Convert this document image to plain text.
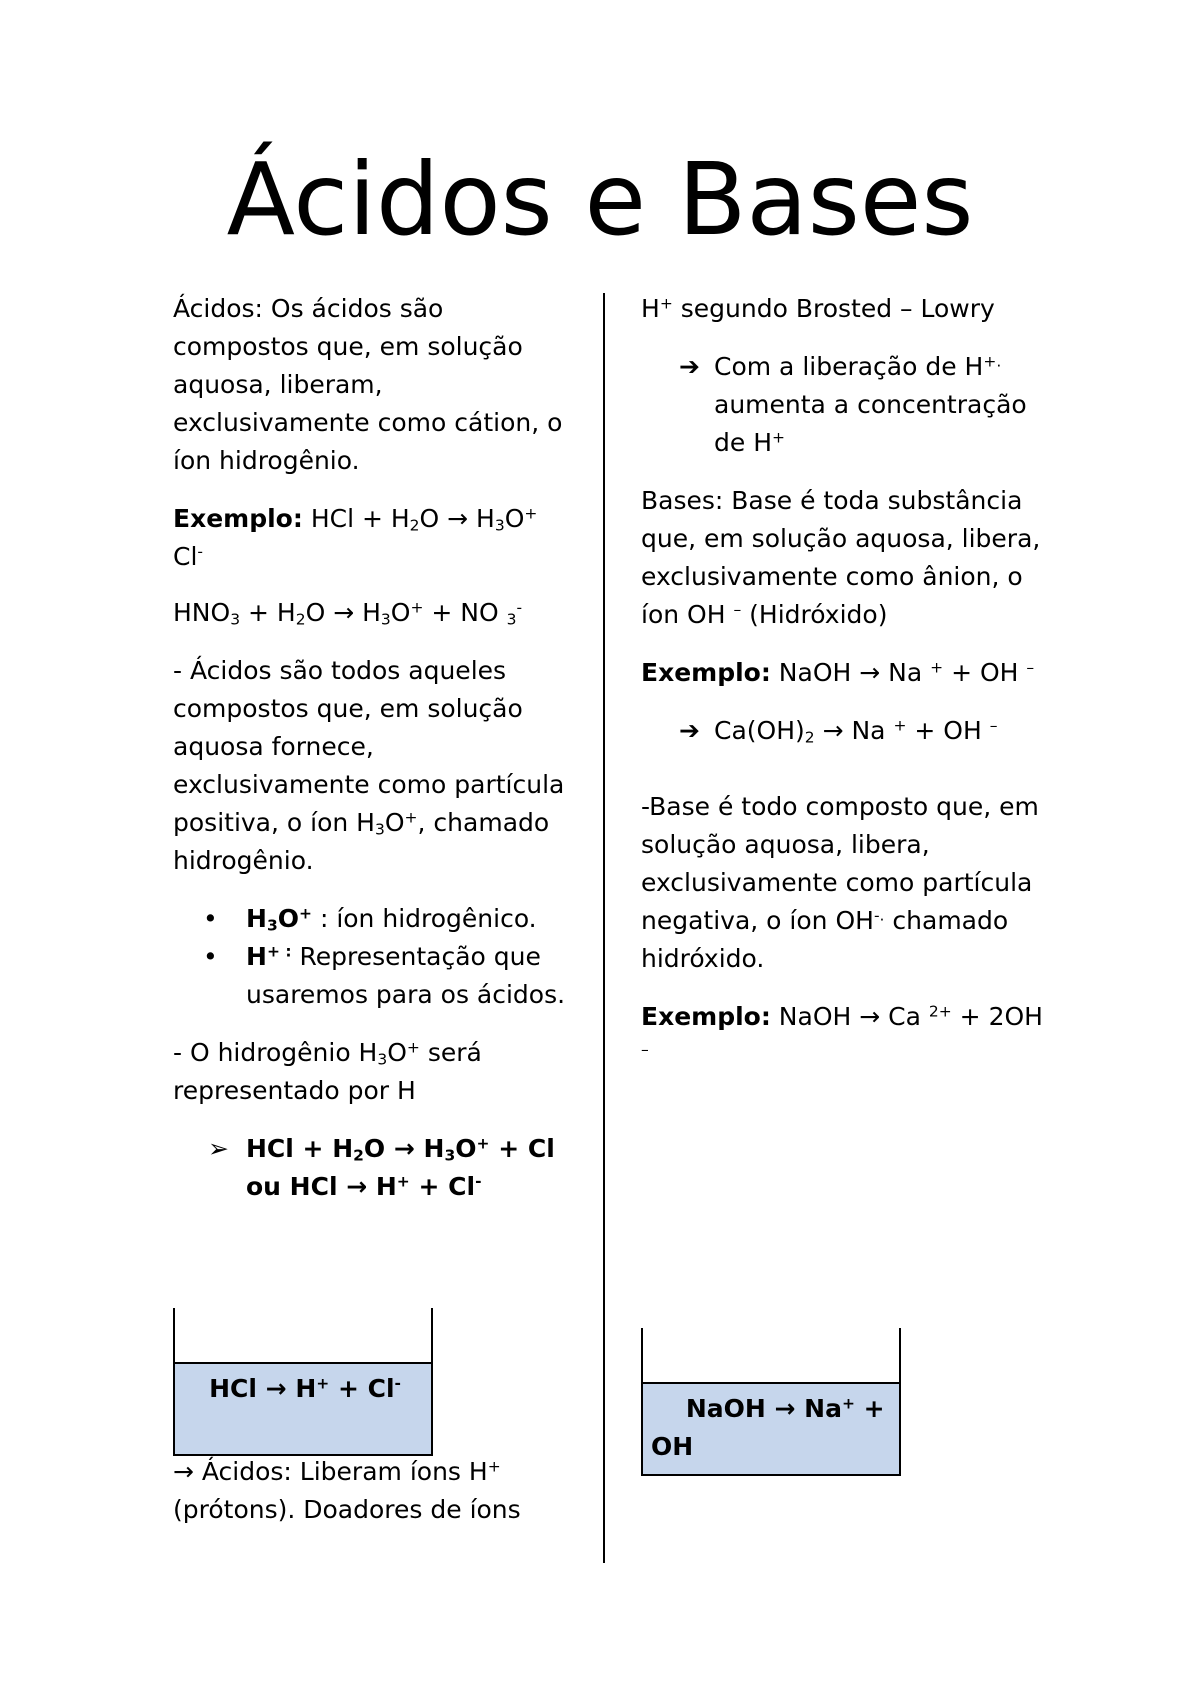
Ácidos e Bases

Ácidos: Os ácidos são compostos que, em solução aquosa, liberam, exclusivamente como cátion, o íon hidrogênio.

Exemplo: HCl + $H_2O \to H_3O^+$ Cl-

$HNO_3 + H_2O \to H_3O^+$ + NO $_3$-

- Ácidos são todos aqueles compostos que, em solução aquosa fornece, exclusivamente como partícula positiva, o íon $H_3O^+$, chamado hidrogênio.

• $H_3O^+$ : íon hidrogênico.
• H+ : Representação que usaremos para os ácidos.

- O hidrogênio $H_3O^+$ será representado por H

➢ HCl + $H_2O \to H_3O^+ + Cl$ ou HCl → H+ + Cl-
HCl → H+ + Cl-

→ Ácidos: Liberam íons H+ (prótons). Doadores de íons

H+ segundo Brosted – Lowry

➔ Com a liberação de H+. aumenta a concentração de H+

Bases: Base é toda substância que, em solução aquosa, libera, exclusivamente como ânion, o íon OH – (Hidróxido)

Exemplo: NaOH → Na + + OH –

➔ $Ca(OH)_2 \to Na$ + + OH –

-Base é todo composto que, em solução aquosa, libera, exclusivamente como partícula negativa, o íon OH-. chamado hidróxido.

Exemplo: NaOH → Ca $^{2+}$ + 2OH –

NaOH → Na+ + OH
